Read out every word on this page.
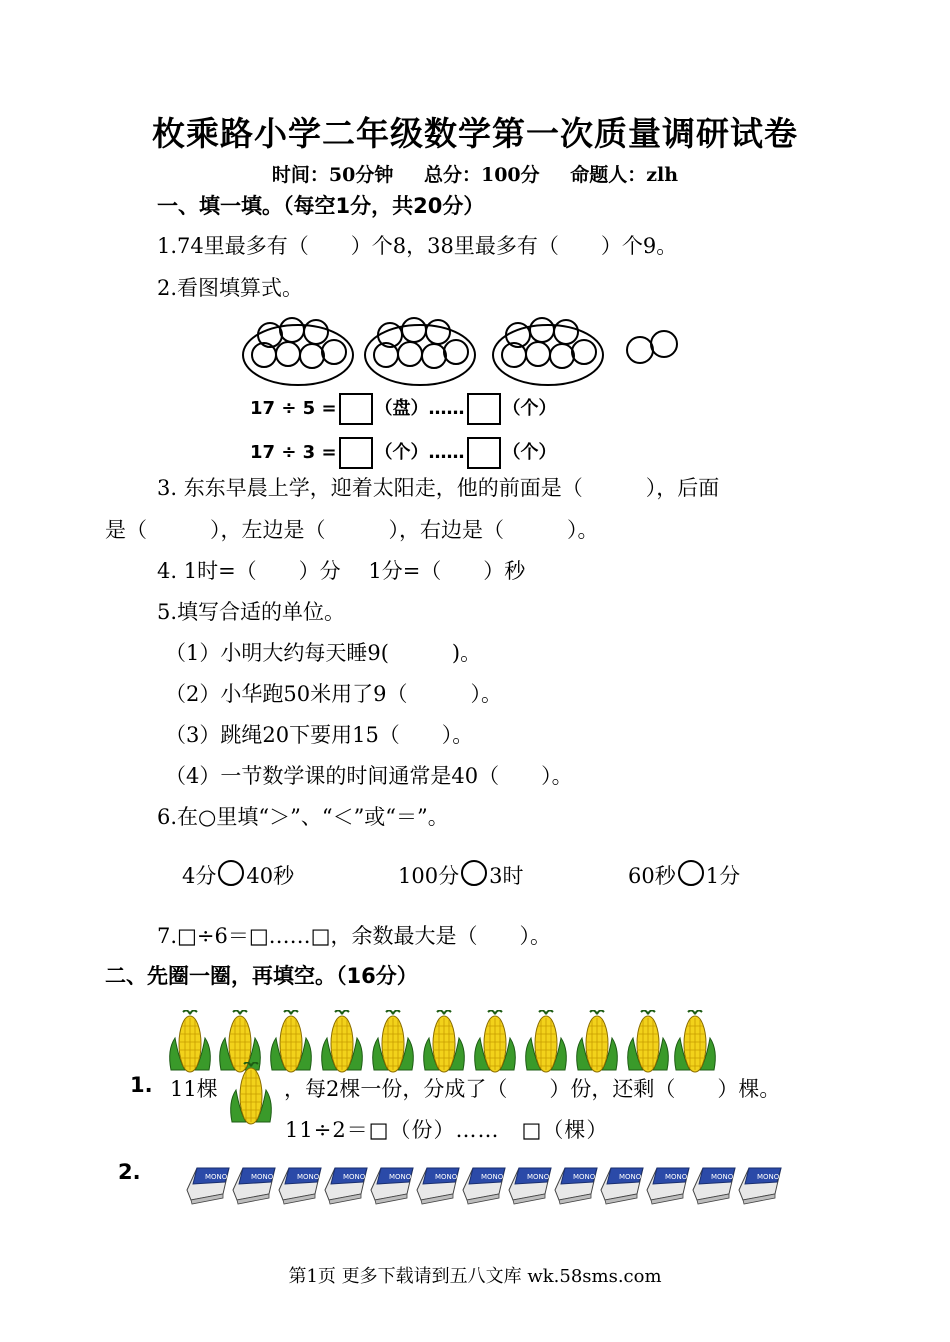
枚乘路小学二年级数学第一次质量调研试卷
时间：50分钟 总分：100分 命题人：zlh
一、填一填。（每空1分，共20分）
1.74里最多有（　　）个8，38里最多有（　　）个9。
2.看图填算式。
17 ÷ 5 = （盘）…… （个）
17 ÷ 3 = （个）…… （个）
3. 东东早晨上学，迎着太阳走，他的前面是（　　　），后面
是（　　　），左边是（　　　），右边是（　　　）。
4. 1时=（　　）分　 1分=（　　）秒
5.填写合适的单位。
（1）小明大约每天睡9(　　　)。
（2）小华跑50米用了9（　　　）。
（3）跳绳20下要用15（　　）。
（4）一节数学课的时间通常是40（　　）。
6.在○里填“＞”、“＜”或“＝”。
4分 40秒	100分 3时	60秒 1分
7.□÷6＝□……□，余数最大是（　　）。
二、先圈一圈，再填空。（16分）
1. 11棵	，每2棵一份，分成了（　　）份，还剩（　　）棵。
11÷2＝□（份）……　□（棵）
2.
第1页 更多下载请到五八文库 wk.58sms.com
